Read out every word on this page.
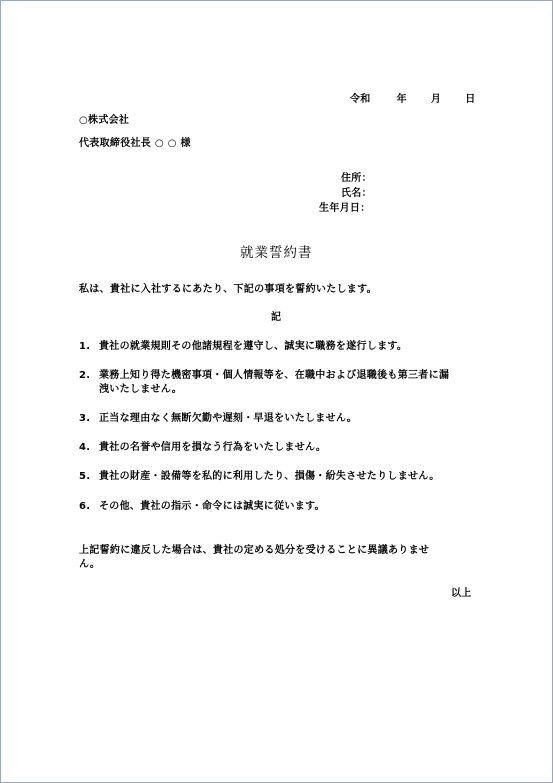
令和	年 月 日
○株式会社
代表取締役社長 ○ ○ 様
住所：
氏名：
生年月日：
就業誓約書
私は、貴社に入社するにあたり、下記の事項を誓約いたします。
記
1. 貴社の就業規則その他諸規程を遵守し、誠実に職務を遂行します。
2. 業務上知り得た機密事項・個人情報等を、在職中および退職後も第三者に漏
洩いたしません。
3. 正当な理由なく無断欠勤や遅刻・早退をいたしません。
4. 貴社の名誉や信用を損なう行為をいたしません。
5. 貴社の財産・設備等を私的に利用したり、損傷・紛失させたりしません。
6. その他、貴社の指示・命令には誠実に従います。
上記誓約に違反した場合は、貴社の定める処分を受けることに異議ありませ
ん。
以上
